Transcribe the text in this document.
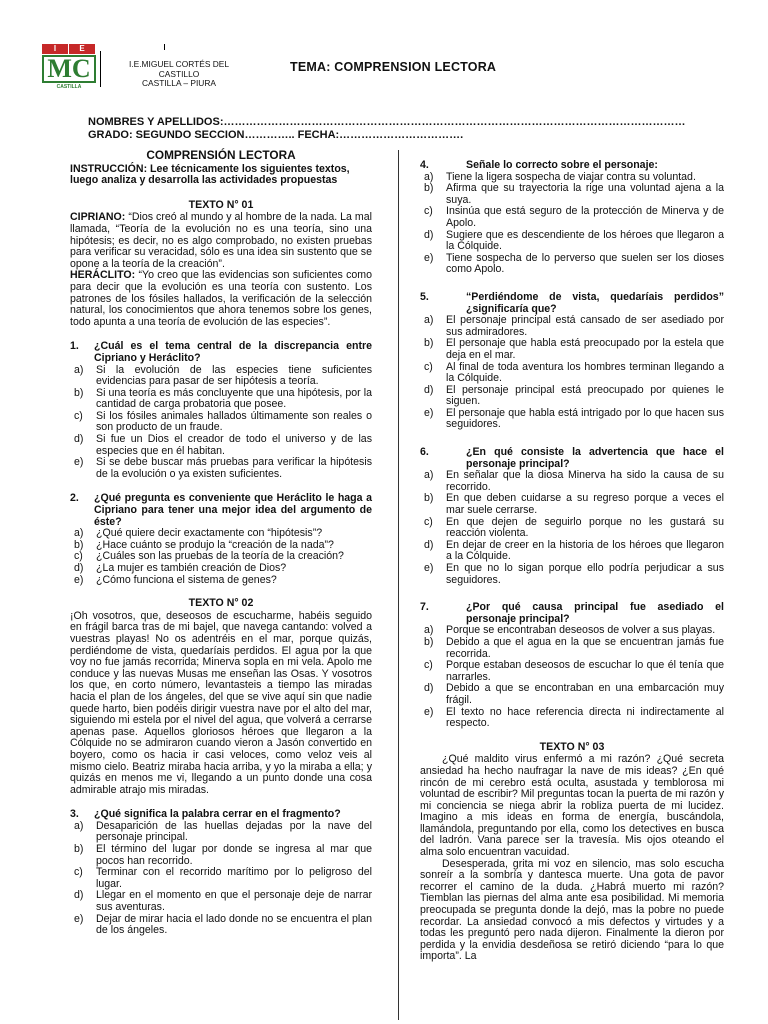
I	E
MC
CASTILLA
I.E.MIGUEL CORTÉS DEL
CASTILLO
CASTILLA – PIURA
TEMA: COMPRENSION LECTORA
NOMBRES Y APELLIDOS:………………………………………………………………………………………………………………
GRADO: SEGUNDO SECCION………….. FECHA:…………………………….
COMPRENSIÓN LECTORA
INSTRUCCIÓN: Lee técnicamente los siguientes textos, luego analiza y desarrolla las actividades propuestas
TEXTO N° 01
CIPRIANO: “Dios creó al mundo y al hombre de la nada. La mal llamada, “Teoría de la evolución no es una teoría, sino una hipótesis; es decir, no es algo comprobado, no existen pruebas para verificar su veracidad, sólo es una idea sin sustento que se opone a la teoría de la creación”.
HERÁCLITO: “Yo creo que las evidencias son suficientes como para decir que la evolución es una teoría con sustento. Los patrones de los fósiles hallados, la verificación de la selección natural, los conocimientos que ahora tenemos sobre los genes, todo apunta a una teoría de evolución de las especies”.
1.	¿Cuál es el tema central de la discrepancia entre Cipriano y Heráclito?
a)	Si la evolución de las especies tiene suficientes evidencias para pasar de ser hipótesis a teoría.
b)	Si una teoría es más concluyente que una hipótesis, por la cantidad de carga probatoria que posee.
c)	Si los fósiles animales hallados últimamente son reales o son producto de un fraude.
d)	Si fue un Dios el creador de todo el universo y de las especies que en él habitan.
e)	Si se debe buscar más pruebas para verificar la hipótesis de la evolución o ya existen suficientes.
2.	¿Qué pregunta es conveniente que Heráclito le haga a Cipriano para tener una mejor idea del argumento de éste?
a)	¿Qué quiere decir exactamente con “hipótesis”?
b)	¿Hace cuánto se produjo la “creación de la nada”?
c)	¿Cuáles son las pruebas de la teoría de la creación?
d)	¿La mujer es también creación de Dios?
e)	¿Cómo funciona el sistema de genes?
TEXTO N° 02
¡Oh vosotros, que, deseosos de escucharme, habéis seguido en frágil barca tras de mi bajel, que navega cantando: volved a vuestras playas! No os adentréis en el mar, porque quizás, perdiéndome de vista, quedaríais perdidos. El agua por la que voy no fue jamás recorrida; Minerva sopla en mi vela. Apolo me conduce y las nuevas Musas me enseñan las Osas. Y vosotros los que, en corto número, levantasteis a tiempo las miradas hacia el plan de los ángeles, del que se vive aquí sin que nadie quede harto, bien podéis dirigir vuestra nave por el alto del mar, siguiendo mi estela por el nivel del agua, que volverá a cerrarse apenas pase. Aquellos gloriosos héroes que llegaron a la Cólquide no se admiraron cuando vieron a Jasón convertido en boyero, como os hacia ir casi veloces, como veloz veis al mismo cielo. Beatriz miraba hacia arriba, y yo la miraba a ella; y quizás en menos me vi, llegando a un punto donde una cosa admirable atrajo mis miradas.
3.	¿Qué significa la palabra cerrar en el fragmento?
a)	Desaparición de las huellas dejadas por la nave del personaje principal.
b)	El término del lugar por donde se ingresa al mar que pocos han recorrido.
c)	Terminar con el recorrido marítimo por lo peligroso del lugar.
d)	Llegar en el momento en que el personaje deje de narrar sus aventuras.
e)	Dejar de mirar hacia el lado donde no se encuentra el plan de los ángeles.
4.	Señale lo correcto sobre el personaje:
a)	Tiene la ligera sospecha de viajar contra su voluntad.
b)	Afirma que su trayectoria la rige una voluntad ajena a la suya.
c)	Insinúa que está seguro de la protección de Minerva y de Apolo.
d)	Sugiere que es descendiente de los héroes que llegaron a la Cólquide.
e)	Tiene sospecha de lo perverso que suelen ser los dioses como Apolo.
5.	“Perdiéndome de vista, quedaríais perdidos” ¿significaría que?
a)	El personaje principal está cansado de ser asediado por sus admiradores.
b)	El personaje que habla está preocupado por la estela que deja en el mar.
c)	Al final de toda aventura los hombres terminan llegando a la Cólquide.
d)	El personaje principal está preocupado por quienes le siguen.
e)	El personaje que habla está intrigado por lo que hacen sus seguidores.
6.	¿En qué consiste la advertencia que hace el personaje principal?
a)	En señalar que la diosa Minerva ha sido la causa de su recorrido.
b)	En que deben cuidarse a su regreso porque a veces el mar suele cerrarse.
c)	En que dejen de seguirlo porque no les gustará su reacción violenta.
d)	En dejar de creer en la historia de los héroes que llegaron a la Cólquide.
e)	En que no lo sigan porque ello podría perjudicar a sus seguidores.
7.	¿Por qué causa principal fue asediado el personaje principal?
a)	Porque se encontraban deseosos de volver a sus playas.
b)	Debido a que el agua en la que se encuentran jamás fue recorrida.
c)	Porque estaban deseosos de escuchar lo que él tenía que narrarles.
d)	Debido a que se encontraban en una embarcación muy frágil.
e)	El texto no hace referencia directa ni indirectamente al respecto.
TEXTO N° 03
¿Qué maldito virus enfermó a mi razón? ¿Qué secreta ansiedad ha hecho naufragar la nave de mis ideas? ¿En qué rincón de mi cerebro está oculta, asustada y temblorosa mi voluntad de escribir? Mil preguntas tocan la puerta de mi razón y mi conciencia se niega abrir la robliza puerta de mi lucidez. Imagino a mis ideas en forma de energía, buscándola, llamándola, preguntando por ella, como los detectives en busca del ladrón. Vana parece ser la travesía. Mis ojos oteando el alma solo encuentran vacuidad.
Desesperada, grita mi voz en silencio, mas solo escucha sonreír a la sombría y dantesca muerte. Una gota de pavor recorrer el camino de la duda. ¿Habrá muerto mi razón? Tiemblan las piernas del alma ante esa posibilidad. Mi memoria preocupada se pregunta donde la dejó, mas la pobre no puede recordar. La ansiedad convocó a mis defectos y virtudes y a todas les preguntó pero nada dijeron. Finalmente la dieron por perdida y la envidia desdeñosa se retiró diciendo “para lo que importa”. La
